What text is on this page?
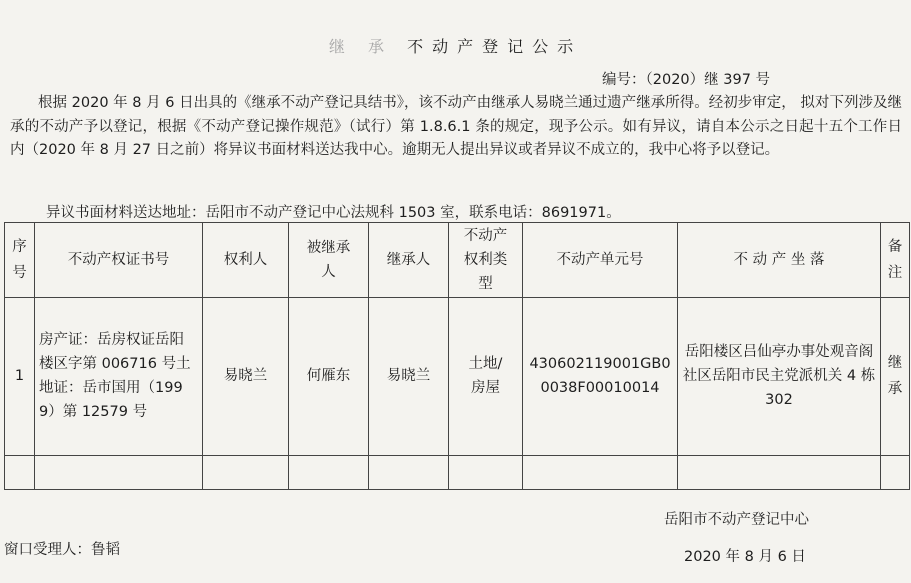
继 承 不动产登记公示
编号：（2020）继 397 号
根据 2020 年 8 月 6 日出具的《继承不动产登记具结书》，该不动产由继承人易晓兰通过遗产继承所得。经初步审定， 拟对下列涉及继承的不动产予以登记，根据《不动产登记操作规范》（试行）第 1.8.6.1 条的规定，现予公示。如有异议，请自本公示之日起十五个工作日内（2020 年 8 月 27 日之前）将异议书面材料送达我中心。逾期无人提出异议或者异议不成立的，我中心将予以登记。
异议书面材料送达地址：岳阳市不动产登记中心法规科 1503 室，联系电话：8691971。
序号	不动产权证书号	权利人	被继承人	继承人	不动产权利类型	不动产单元号	不 动 产 坐 落	备注
1	房产证：岳房权证岳阳楼区字第 006716 号土地证：岳市国用（1999）第 12579 号	易晓兰	何雁东	易晓兰	土地/房屋	430602119001GB00038F00010014	岳阳楼区吕仙亭办事处观音阁社区岳阳市民主党派机关 4 栋 302	继承

岳阳市不动产登记中心
窗口受理人：鲁韬	2020 年 8 月 6 日
